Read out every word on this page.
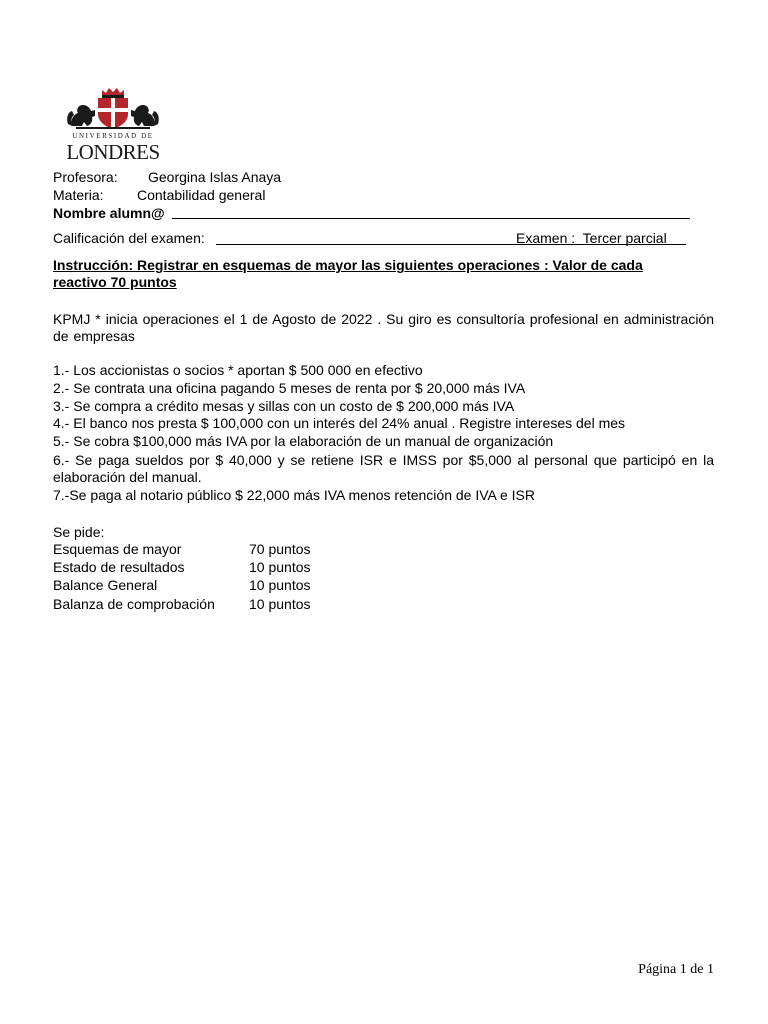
UNIVERSIDAD DE
LONDRES
Profesora: Georgina Islas Anaya
Materia: Contabilidad general
Nombre alumn@
Calificación del examen:	Examen : Tercer parcial
Instrucción: Registrar en esquemas de mayor las siguientes operaciones : Valor de cada
reactivo 70 puntos
KPMJ * inicia operaciones el 1 de Agosto de 2022 . Su giro es consultoría profesional en administración de empresas
1.- Los accionistas o socios * aportan $ 500 000 en efectivo
2.- Se contrata una oficina pagando 5 meses de renta por $ 20,000 más IVA
3.- Se compra a crédito mesas y sillas con un costo de $ 200,000 más IVA
4.- El banco nos presta $ 100,000 con un interés del 24% anual . Registre intereses del mes
5.- Se cobra $100,000 más IVA por la elaboración de un manual de organización
6.- Se paga sueldos por $ 40,000 y se retiene ISR e IMSS por $5,000 al personal que participó en la elaboración del manual.
7.-Se paga al notario público $ 22,000 más IVA menos retención de IVA e ISR
Se pide:
Esquemas de mayor	70 puntos
Estado de resultados	10 puntos
Balance General	10 puntos
Balanza de comprobación 10 puntos
Página 1 de 1
